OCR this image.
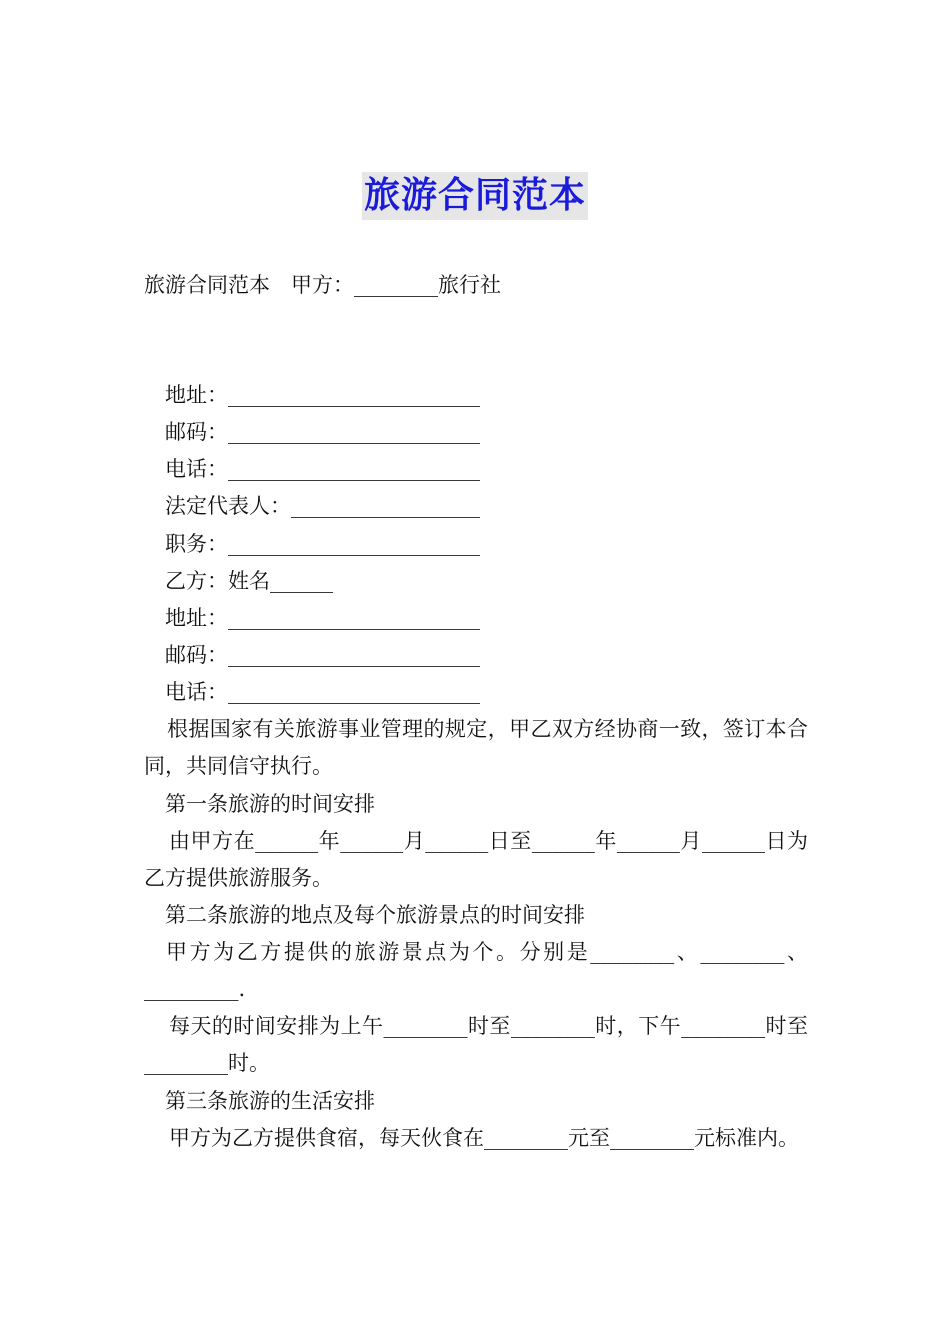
旅游合同范本
旅游合同范本　甲方：________旅行社
地址：________________________
邮码：________________________
电话：________________________
法定代表人：__________________
职务：________________________
乙方：姓名______
地址：________________________
邮码：________________________
电话：________________________
根据国家有关旅游事业管理的规定，甲乙双方经协商一致，签订本合同，共同信守执行。
第一条旅游的时间安排
由甲方在______年______月______日至______年______月______日为乙方提供旅游服务。
第二条旅游的地点及每个旅游景点的时间安排
甲方为乙方提供的旅游景点为个。分别是________、________、_________.
每天的时间安排为上午________时至________时，下午________时至________时。
第三条旅游的生活安排
甲方为乙方提供食宿，每天伙食在________元至________元标准内。
